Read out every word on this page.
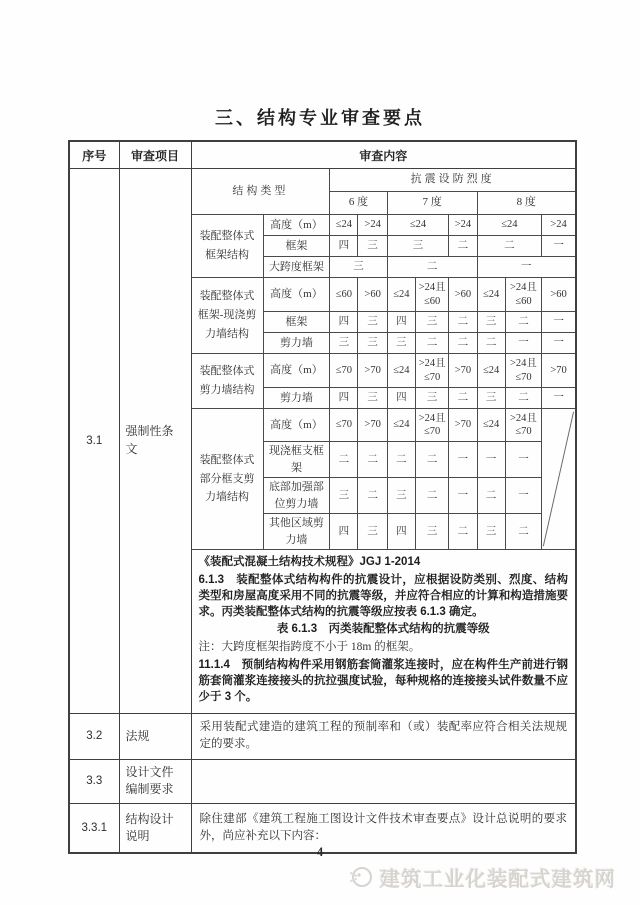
三、结构专业审查要点
序号	审查项目	审查内容
3.1	强制性条文	
结构类型	抗震设防烈度
6 度	7 度	8 度
装配整体式框架结构	高度（m）	≤24	>24	≤24	>24	≤24	>24
框架	四	三	三	二	二	一
大跨度框架	三	二	一
装配整体式框架-现浇剪力墙结构	高度（m）	≤60	>60	≤24	>24且≤60	>60	≤24	>24且≤60	>60
框架	四	三	四	三	二	三	二	一
剪力墙	三	三	三	二	二	二	一	一
装配整体式剪力墙结构	高度（m）	≤70	>70	≤24	>24且≤70	>70	≤24	>24且≤70	>70
剪力墙	四	三	四	三	二	三	二	一
装配整体式部分框支剪力墙结构	高度（m）	≤70	>70	≤24	>24且≤70	>70	≤24	>24且≤70	

现浇框支框架	二	二	二	二	一	一	一
底部加强部位剪力墙	三	二	三	二	一	二	一
其他区域剪力墙	四	三	四	三	二	三	二

《装配式混凝土结构技术规程》JGJ 1-2014

6.1.3　装配整体式结构构件的抗震设计，应根据设防类别、烈度、结构类型和房屋高度采用不同的抗震等级，并应符合相应的计算和构造措施要求。丙类装配整体式结构的抗震等级应按表 6.1.3 确定。

表 6.1.3　丙类装配整体式结构的抗震等级

注：大跨度框架指跨度不小于 18m 的框架。

11.1.4　预制结构构件采用钢筋套筒灌浆连接时，应在构件生产前进行钢筋套筒灌浆连接接头的抗拉强度试验，每种规格的连接接头试件数量不应少于 3 个。

3.2	法规	采用装配式建造的建筑工程的预制率和（或）装配率应符合相关法规规定的要求。
3.3	设计文件编制要求	
3.3.1	结构设计说明	除住建部《建筑工程施工图设计文件技术审查要点》设计总说明的要求外，尚应补充以下内容：
4
建筑工业化装配式建筑网
